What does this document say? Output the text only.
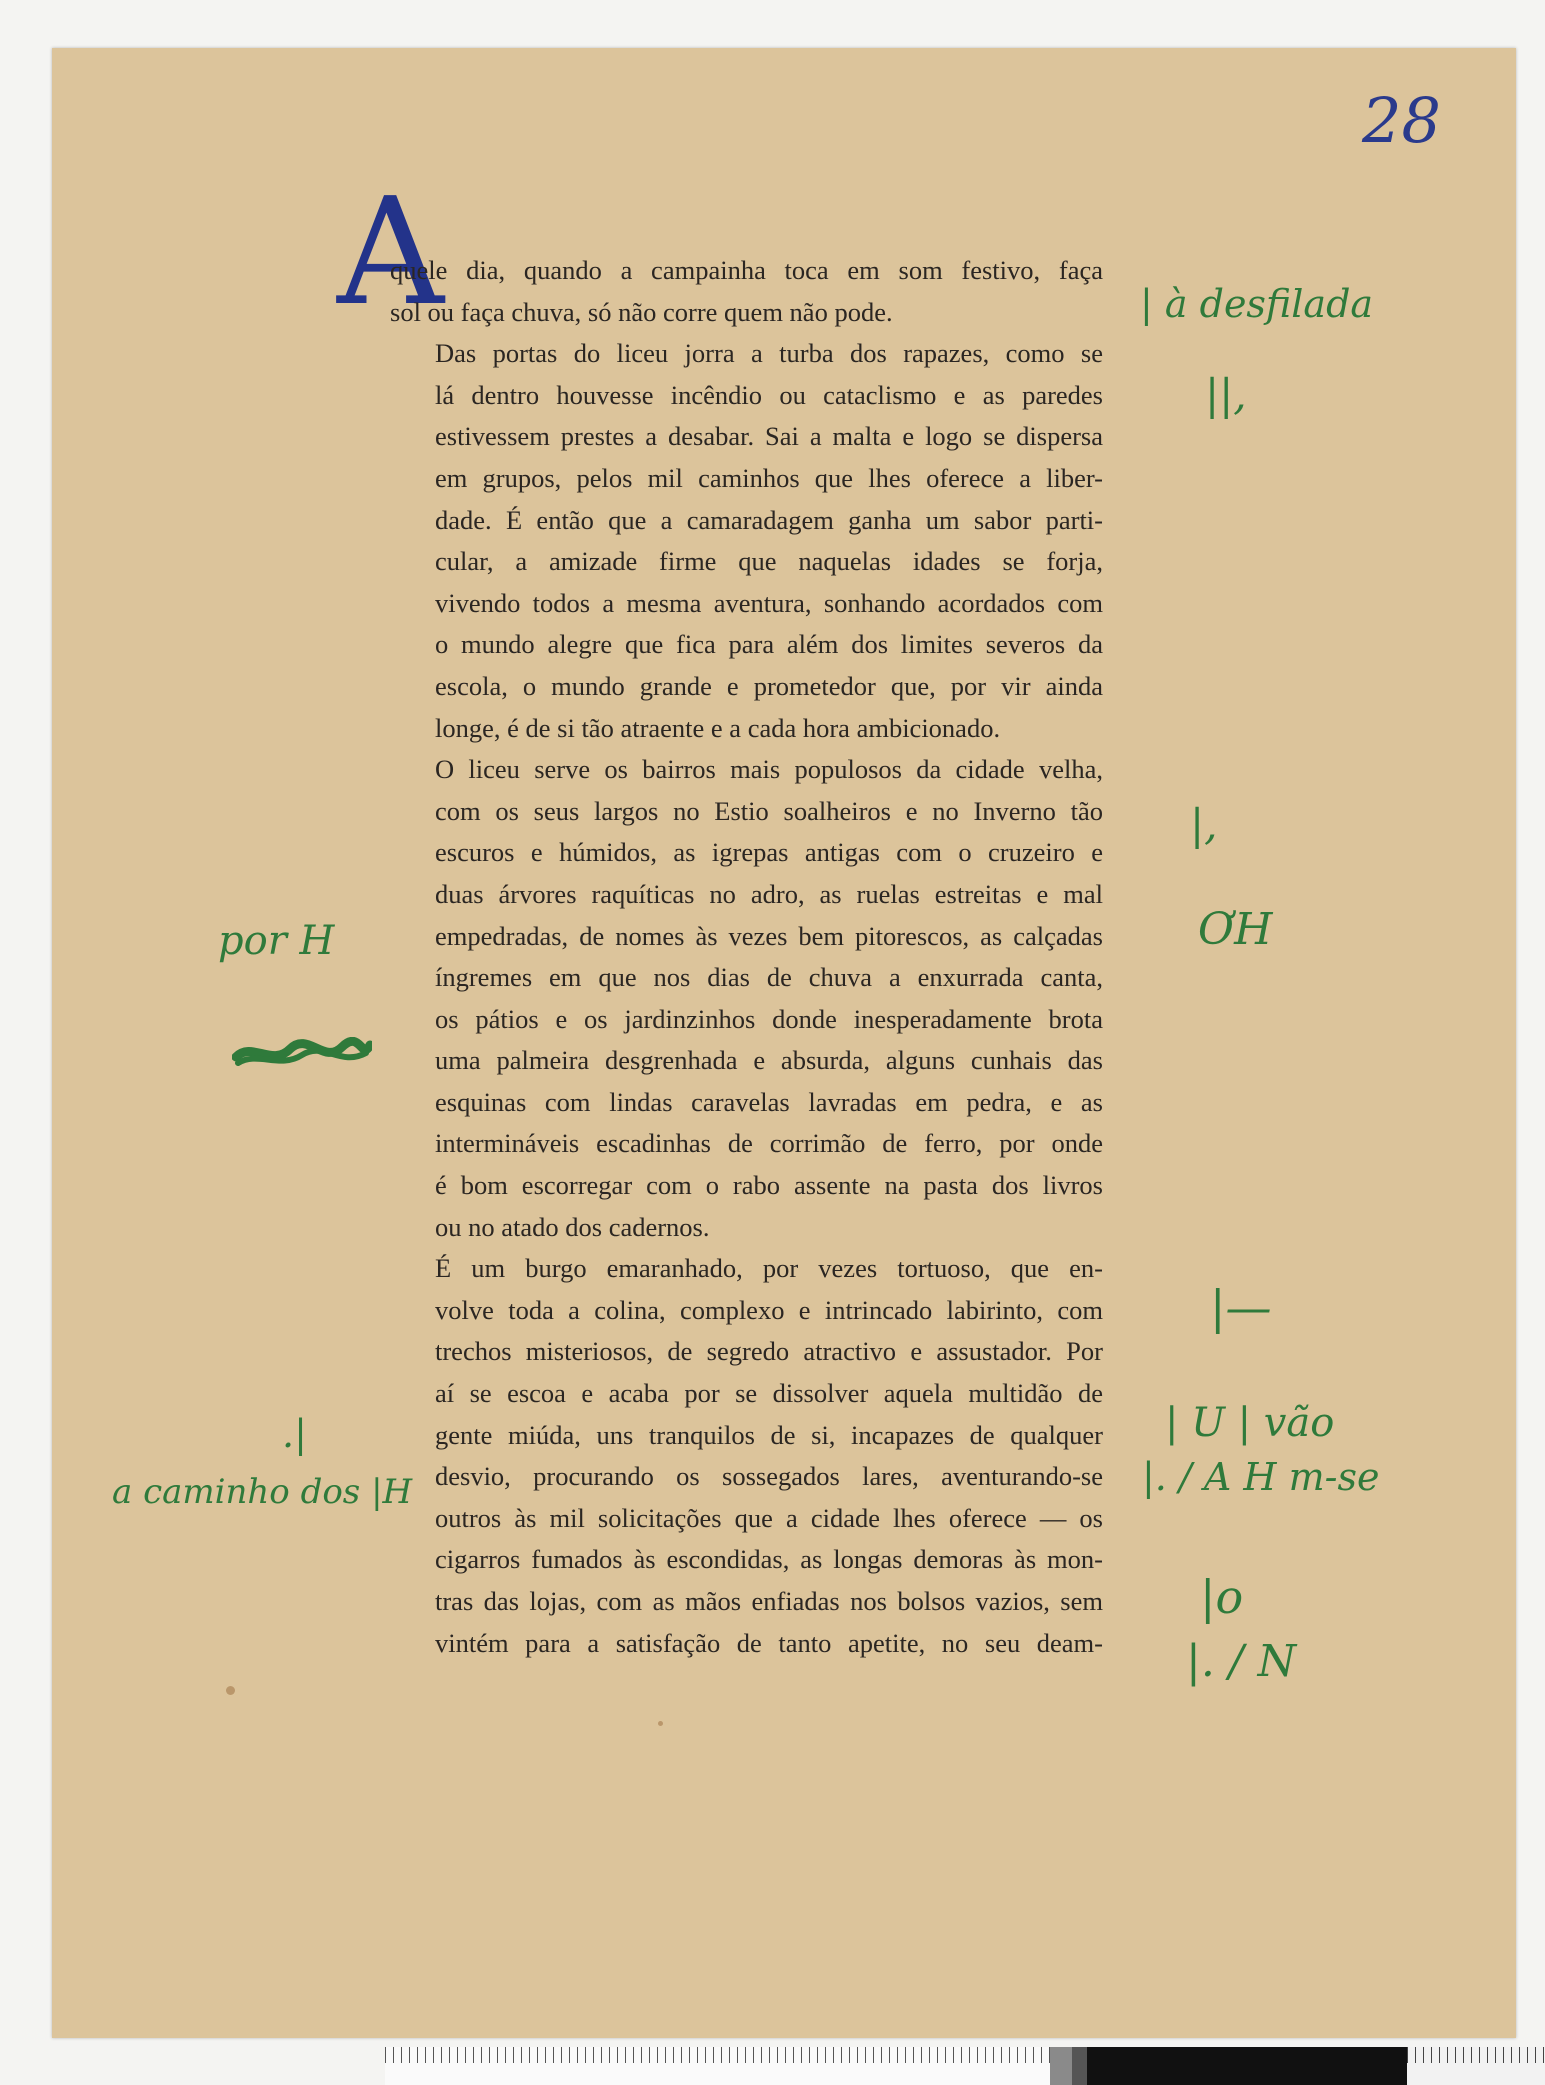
28
A

quele dia, quando a campainha toca em som festivo, faça
sol ou faça chuva, só não corre quem não pode.

Das portas do liceu jorra a turba dos rapazes, como se
lá dentro houvesse incêndio ou cataclismo e as paredes
estivessem prestes a desabar. Sai a malta e logo se dispersa
em grupos, pelos mil caminhos que lhes oferece a liber-
dade. É então que a camaradagem ganha um sabor parti-
cular, a amizade firme que naquelas idades se forja,
vivendo todos a mesma aventura, sonhando acordados com
o mundo alegre que fica para além dos limites severos da
escola, o mundo grande e prometedor que, por vir ainda
longe, é de si tão atraente e a cada hora ambicionado.

O liceu serve os bairros mais populosos da cidade velha,
com os seus largos no Estio soalheiros e no Inverno tão
escuros e húmidos, as igrepas antigas com o cruzeiro e
duas árvores raquíticas no adro, as ruelas estreitas e mal
empedradas, de nomes às vezes bem pitorescos, as calçadas
íngremes em que nos dias de chuva a enxurrada canta,
os pátios e os jardinzinhos donde inesperadamente brota
uma palmeira desgrenhada e absurda, alguns cunhais das
esquinas com lindas caravelas lavradas em pedra, e as
intermináveis escadinhas de corrimão de ferro, por onde
é bom escorregar com o rabo assente na pasta dos livros
ou no atado dos cadernos.

É um burgo emaranhado, por vezes tortuoso, que en-
volve toda a colina, complexo e intrincado labirinto, com
trechos misteriosos, de segredo atractivo e assustador. Por
aí se escoa e acaba por se dissolver aquela multidão de
gente miúda, uns tranquilos de si, incapazes de qualquer
desvio, procurando os sossegados lares, aventurando-se
outros às mil solicitações que a cidade lhes oferece — os
cigarros fumados às escondidas, as longas demoras às mon-
tras das lojas, com as mãos enfiadas nos bolsos vazios, sem
vintém para a satisfação de tanto apetite, no seu deam-

| à desfilada
||,
|,
ƠH
|—
| U | vão
|. / A H m-se
|o
|. / N
por H
.|
a caminho dos |H
